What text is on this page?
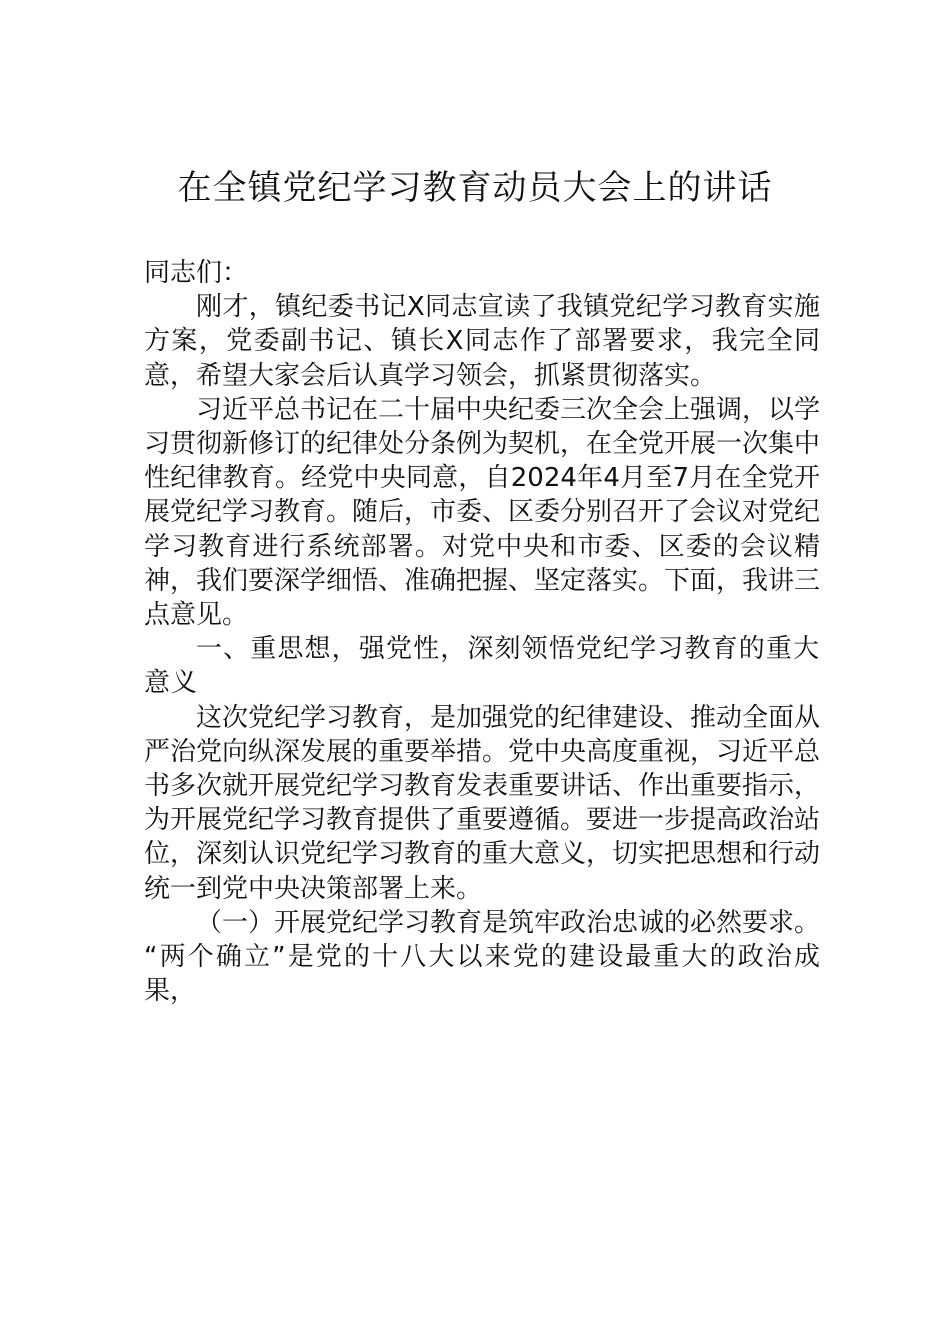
在全镇党纪学习教育动员大会上的讲话

同志们：

刚才，镇纪委书记X同志宣读了我镇党纪学习教育实施方案，党委副书记、镇长X同志作了部署要求，我完全同意，希望大家会后认真学习领会，抓紧贯彻落实。

习近平总书记在二十届中央纪委三次全会上强调，以学习贯彻新修订的纪律处分条例为契机，在全党开展一次集中性纪律教育。经党中央同意，自2024年4月至7月在全党开展党纪学习教育。随后，市委、区委分别召开了会议对党纪学习教育进行系统部署。对党中央和市委、区委的会议精神，我们要深学细悟、准确把握、坚定落实。下面，我讲三点意见。

一、重思想，强党性，深刻领悟党纪学习教育的重大意义

这次党纪学习教育，是加强党的纪律建设、推动全面从严治党向纵深发展的重要举措。党中央高度重视，习近平总书多次就开展党纪学习教育发表重要讲话、作出重要指示，为开展党纪学习教育提供了重要遵循。要进一步提高政治站位，深刻认识党纪学习教育的重大意义，切实把思想和行动统一到党中央决策部署上来。

（一）开展党纪学习教育是筑牢政治忠诚的必然要求。

“两个确立”是党的十八大以来党的建设最重大的政治成果，
